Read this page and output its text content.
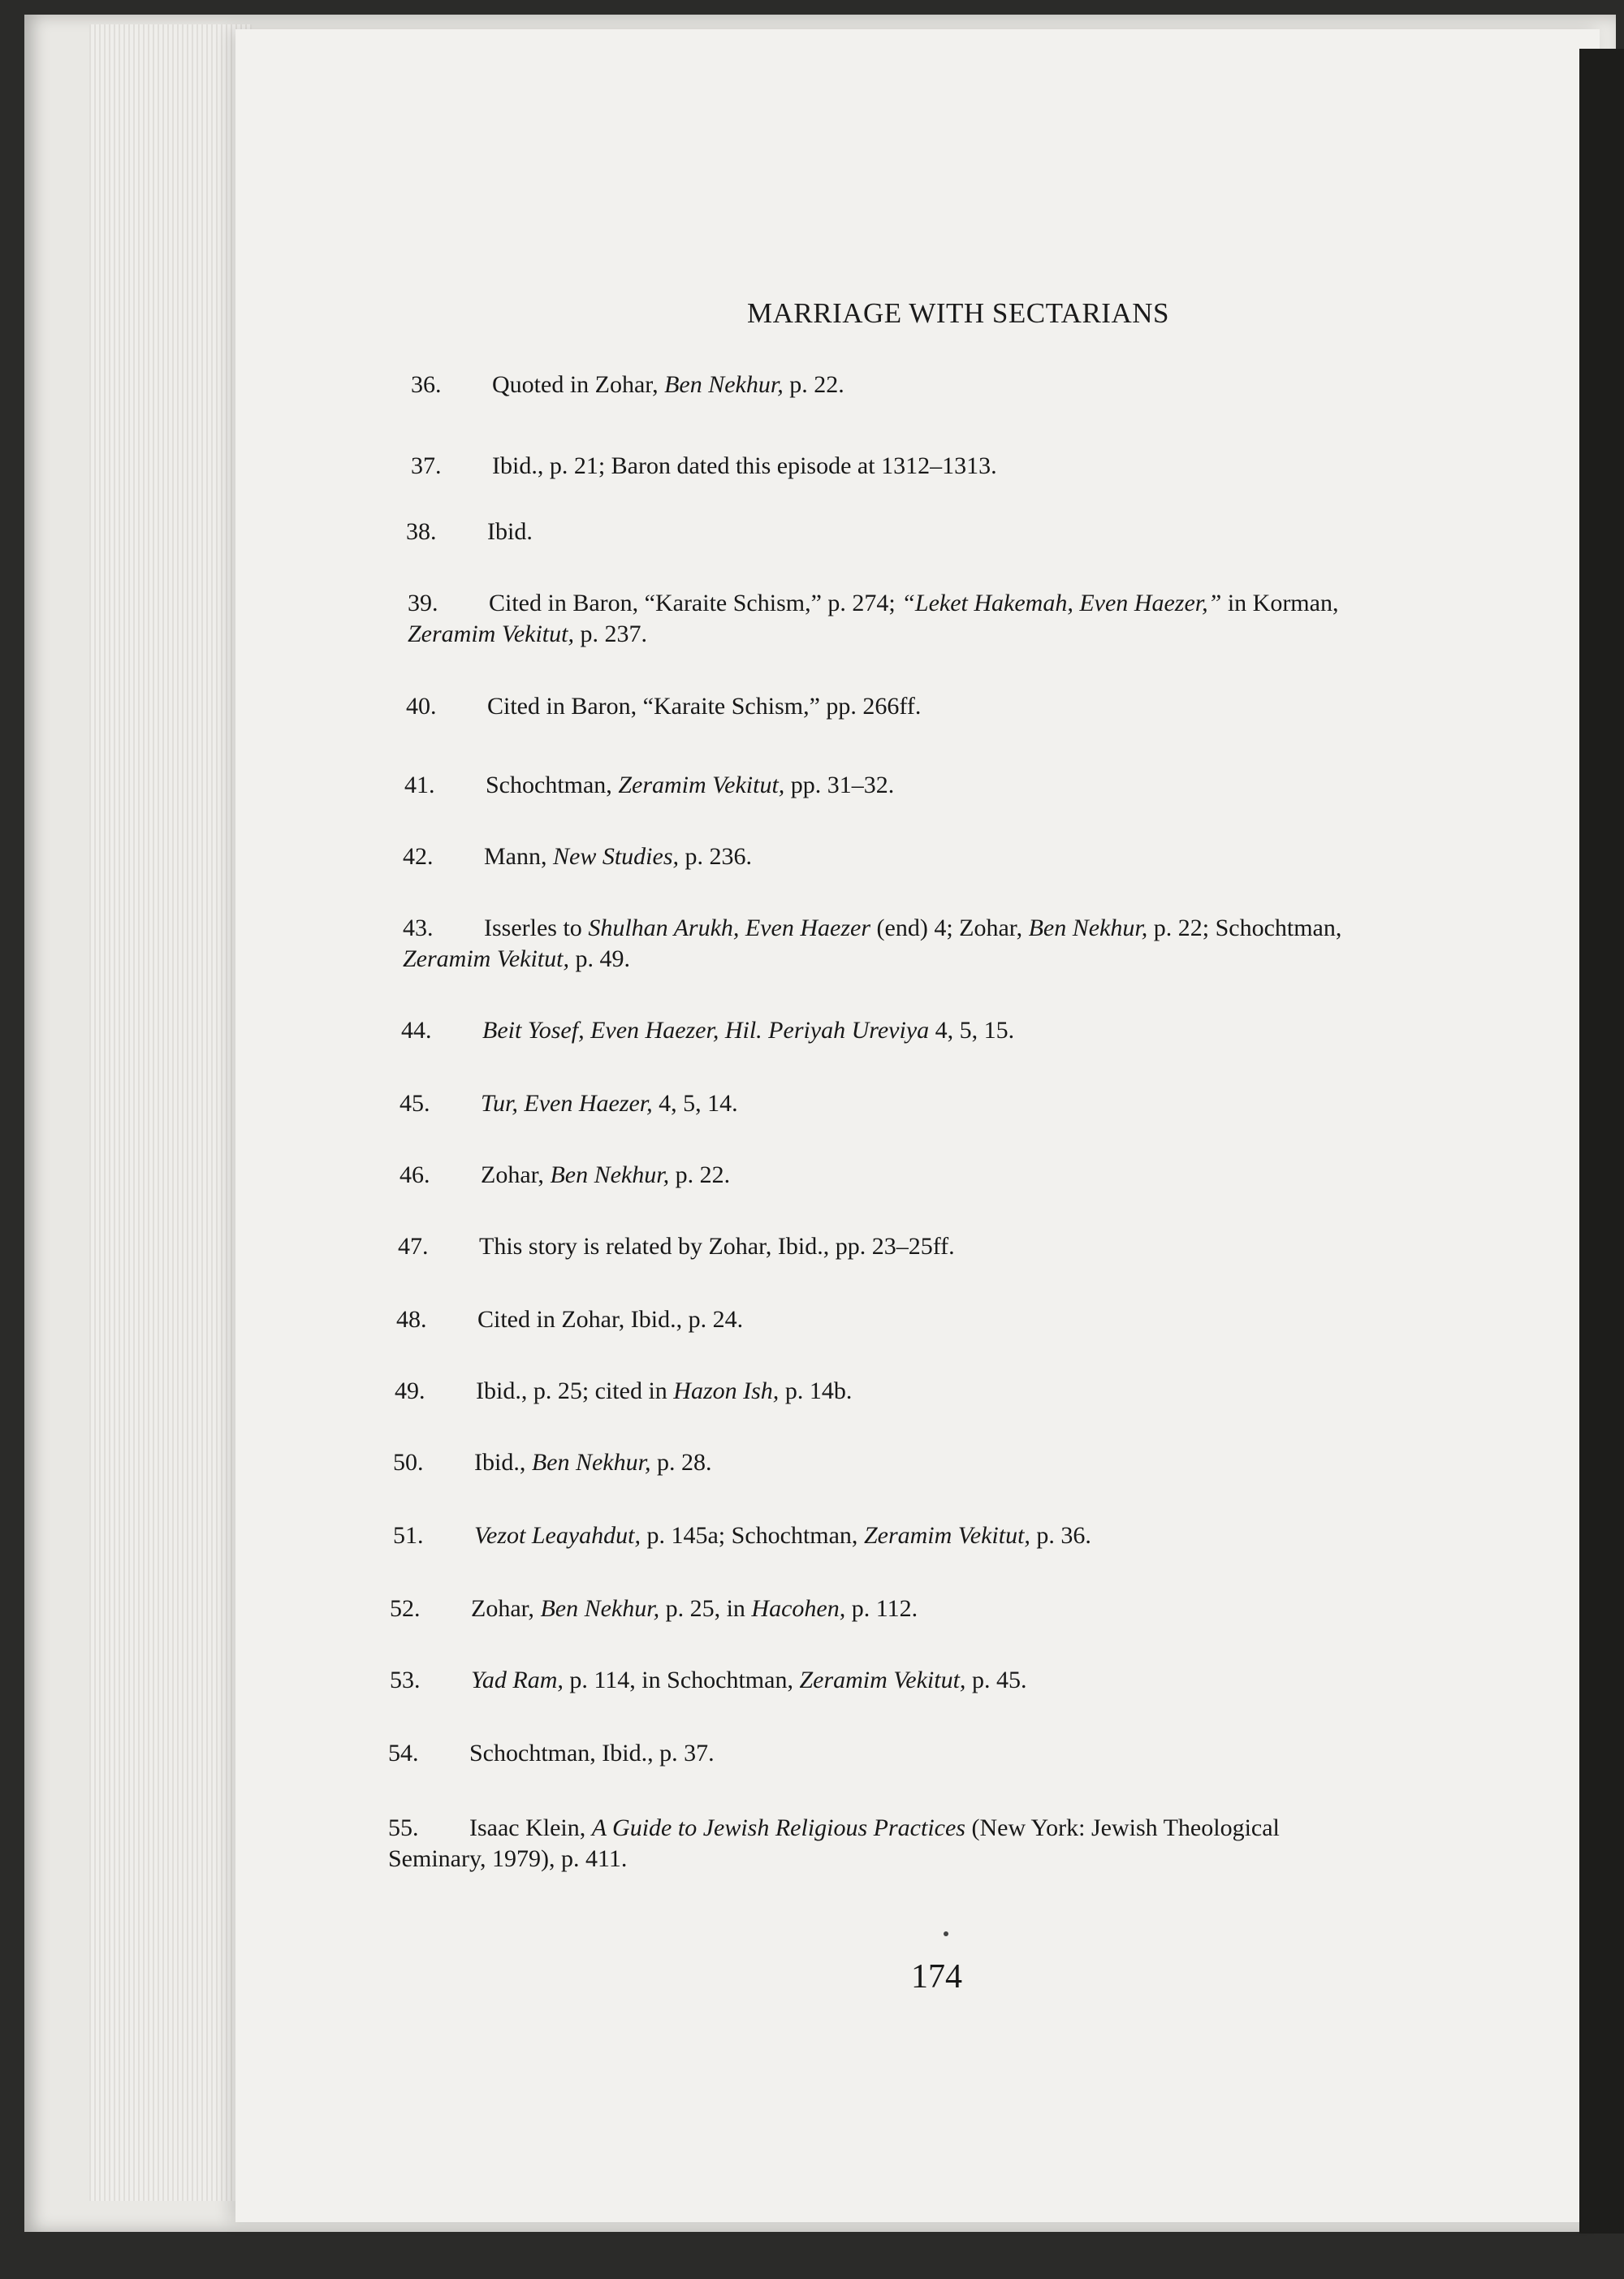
MARRIAGE WITH SECTARIANS
36. Quoted in Zohar, Ben Nekhur, p. 22.
37. Ibid., p. 21; Baron dated this episode at 1312–1313.
38. Ibid.
39. Cited in Baron, “Karaite Schism,” p. 274; “Leket Hakemah, Even Haezer,” in Korman,
Zeramim Vekitut, p. 237.
40. Cited in Baron, “Karaite Schism,” pp. 266ff.
41. Schochtman, Zeramim Vekitut, pp. 31–32.
42. Mann, New Studies, p. 236.
43. Isserles to Shulhan Arukh, Even Haezer (end) 4; Zohar, Ben Nekhur, p. 22; Schochtman,
Zeramim Vekitut, p. 49.
44. Beit Yosef, Even Haezer, Hil. Periyah Ureviya 4, 5, 15.
45. Tur, Even Haezer, 4, 5, 14.
46. Zohar, Ben Nekhur, p. 22.
47. This story is related by Zohar, Ibid., pp. 23–25ff.
48. Cited in Zohar, Ibid., p. 24.
49. Ibid., p. 25; cited in Hazon Ish, p. 14b.
50. Ibid., Ben Nekhur, p. 28.
51. Vezot Leayahdut, p. 145a; Schochtman, Zeramim Vekitut, p. 36.
52. Zohar, Ben Nekhur, p. 25, in Hacohen, p. 112.
53. Yad Ram, p. 114, in Schochtman, Zeramim Vekitut, p. 45.
54. Schochtman, Ibid., p. 37.
55. Isaac Klein, A Guide to Jewish Religious Practices (New York: Jewish Theological
Seminary, 1979), p. 411.
174
